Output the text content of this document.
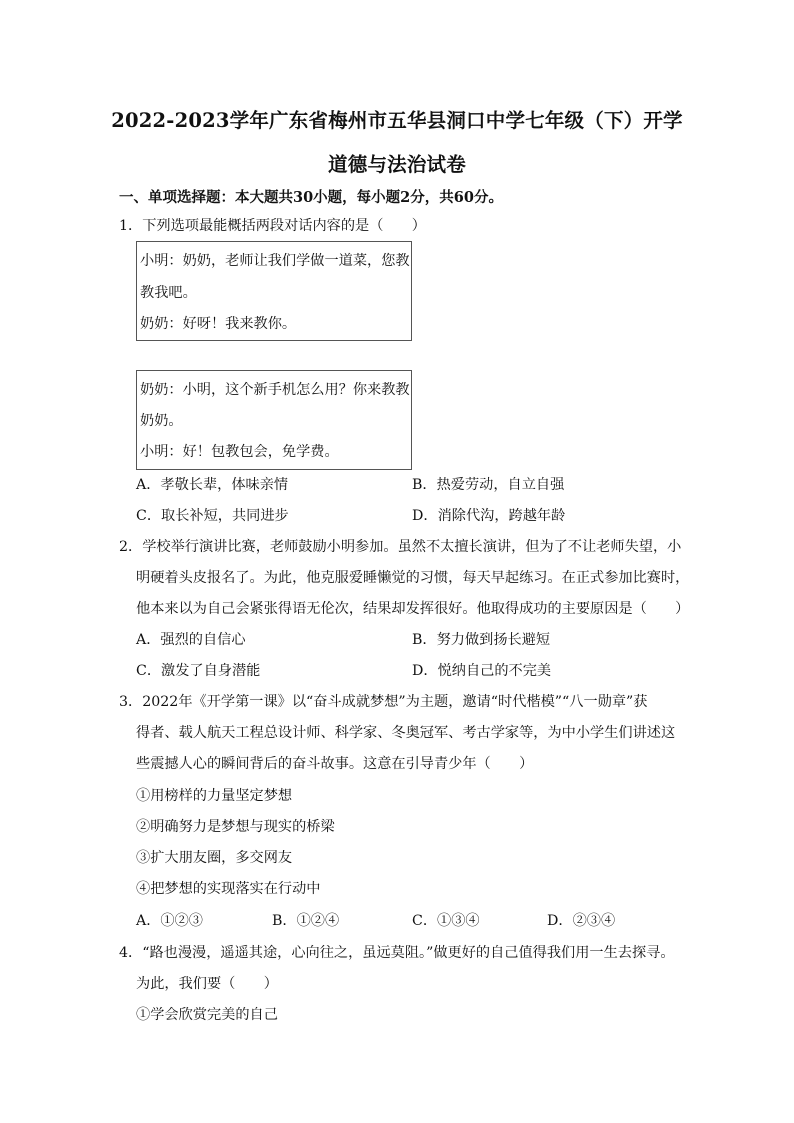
2022-2023学年广东省梅州市五华县洞口中学七年级（下）开学
道德与法治试卷
一、单项选择题：本大题共30小题，每小题2分，共60分。
1．下列选项最能概括两段对话内容的是（　　）
小明：奶奶，老师让我们学做一道菜，您教
教我吧。
奶奶：好呀！我来教你。
奶奶：小明，这个新手机怎么用？你来教教
奶奶。
小明：好！包教包会，免学费。
A．孝敬长辈，体味亲情	B．热爱劳动，自立自强
C．取长补短，共同进步	D．消除代沟，跨越年龄
2．学校举行演讲比赛，老师鼓励小明参加。虽然不太擅长演讲，但为了不让老师失望，小
明硬着头皮报名了。为此，他克服爱睡懒觉的习惯，每天早起练习。在正式参加比赛时，
他本来以为自己会紧张得语无伦次，结果却发挥很好。他取得成功的主要原因是（　　）
A．强烈的自信心	B．努力做到扬长避短
C．激发了自身潜能	D．悦纳自己的不完美
3．2022年《开学第一课》以“奋斗成就梦想”为主题，邀请“时代楷模”“八一勋章”获
得者、载人航天工程总设计师、科学家、冬奥冠军、考古学家等，为中小学生们讲述这
些震撼人心的瞬间背后的奋斗故事。这意在引导青少年（　　）
①用榜样的力量坚定梦想
②明确努力是梦想与现实的桥梁
③扩大朋友圈，多交网友
④把梦想的实现落实在行动中
A．①②③	B．①②④	C．①③④	D．②③④
4．“路也漫漫，遥遥其途，心向往之，虽远莫阻。”做更好的自己值得我们用一生去探寻。
为此，我们要（　　）
①学会欣赏完美的自己
